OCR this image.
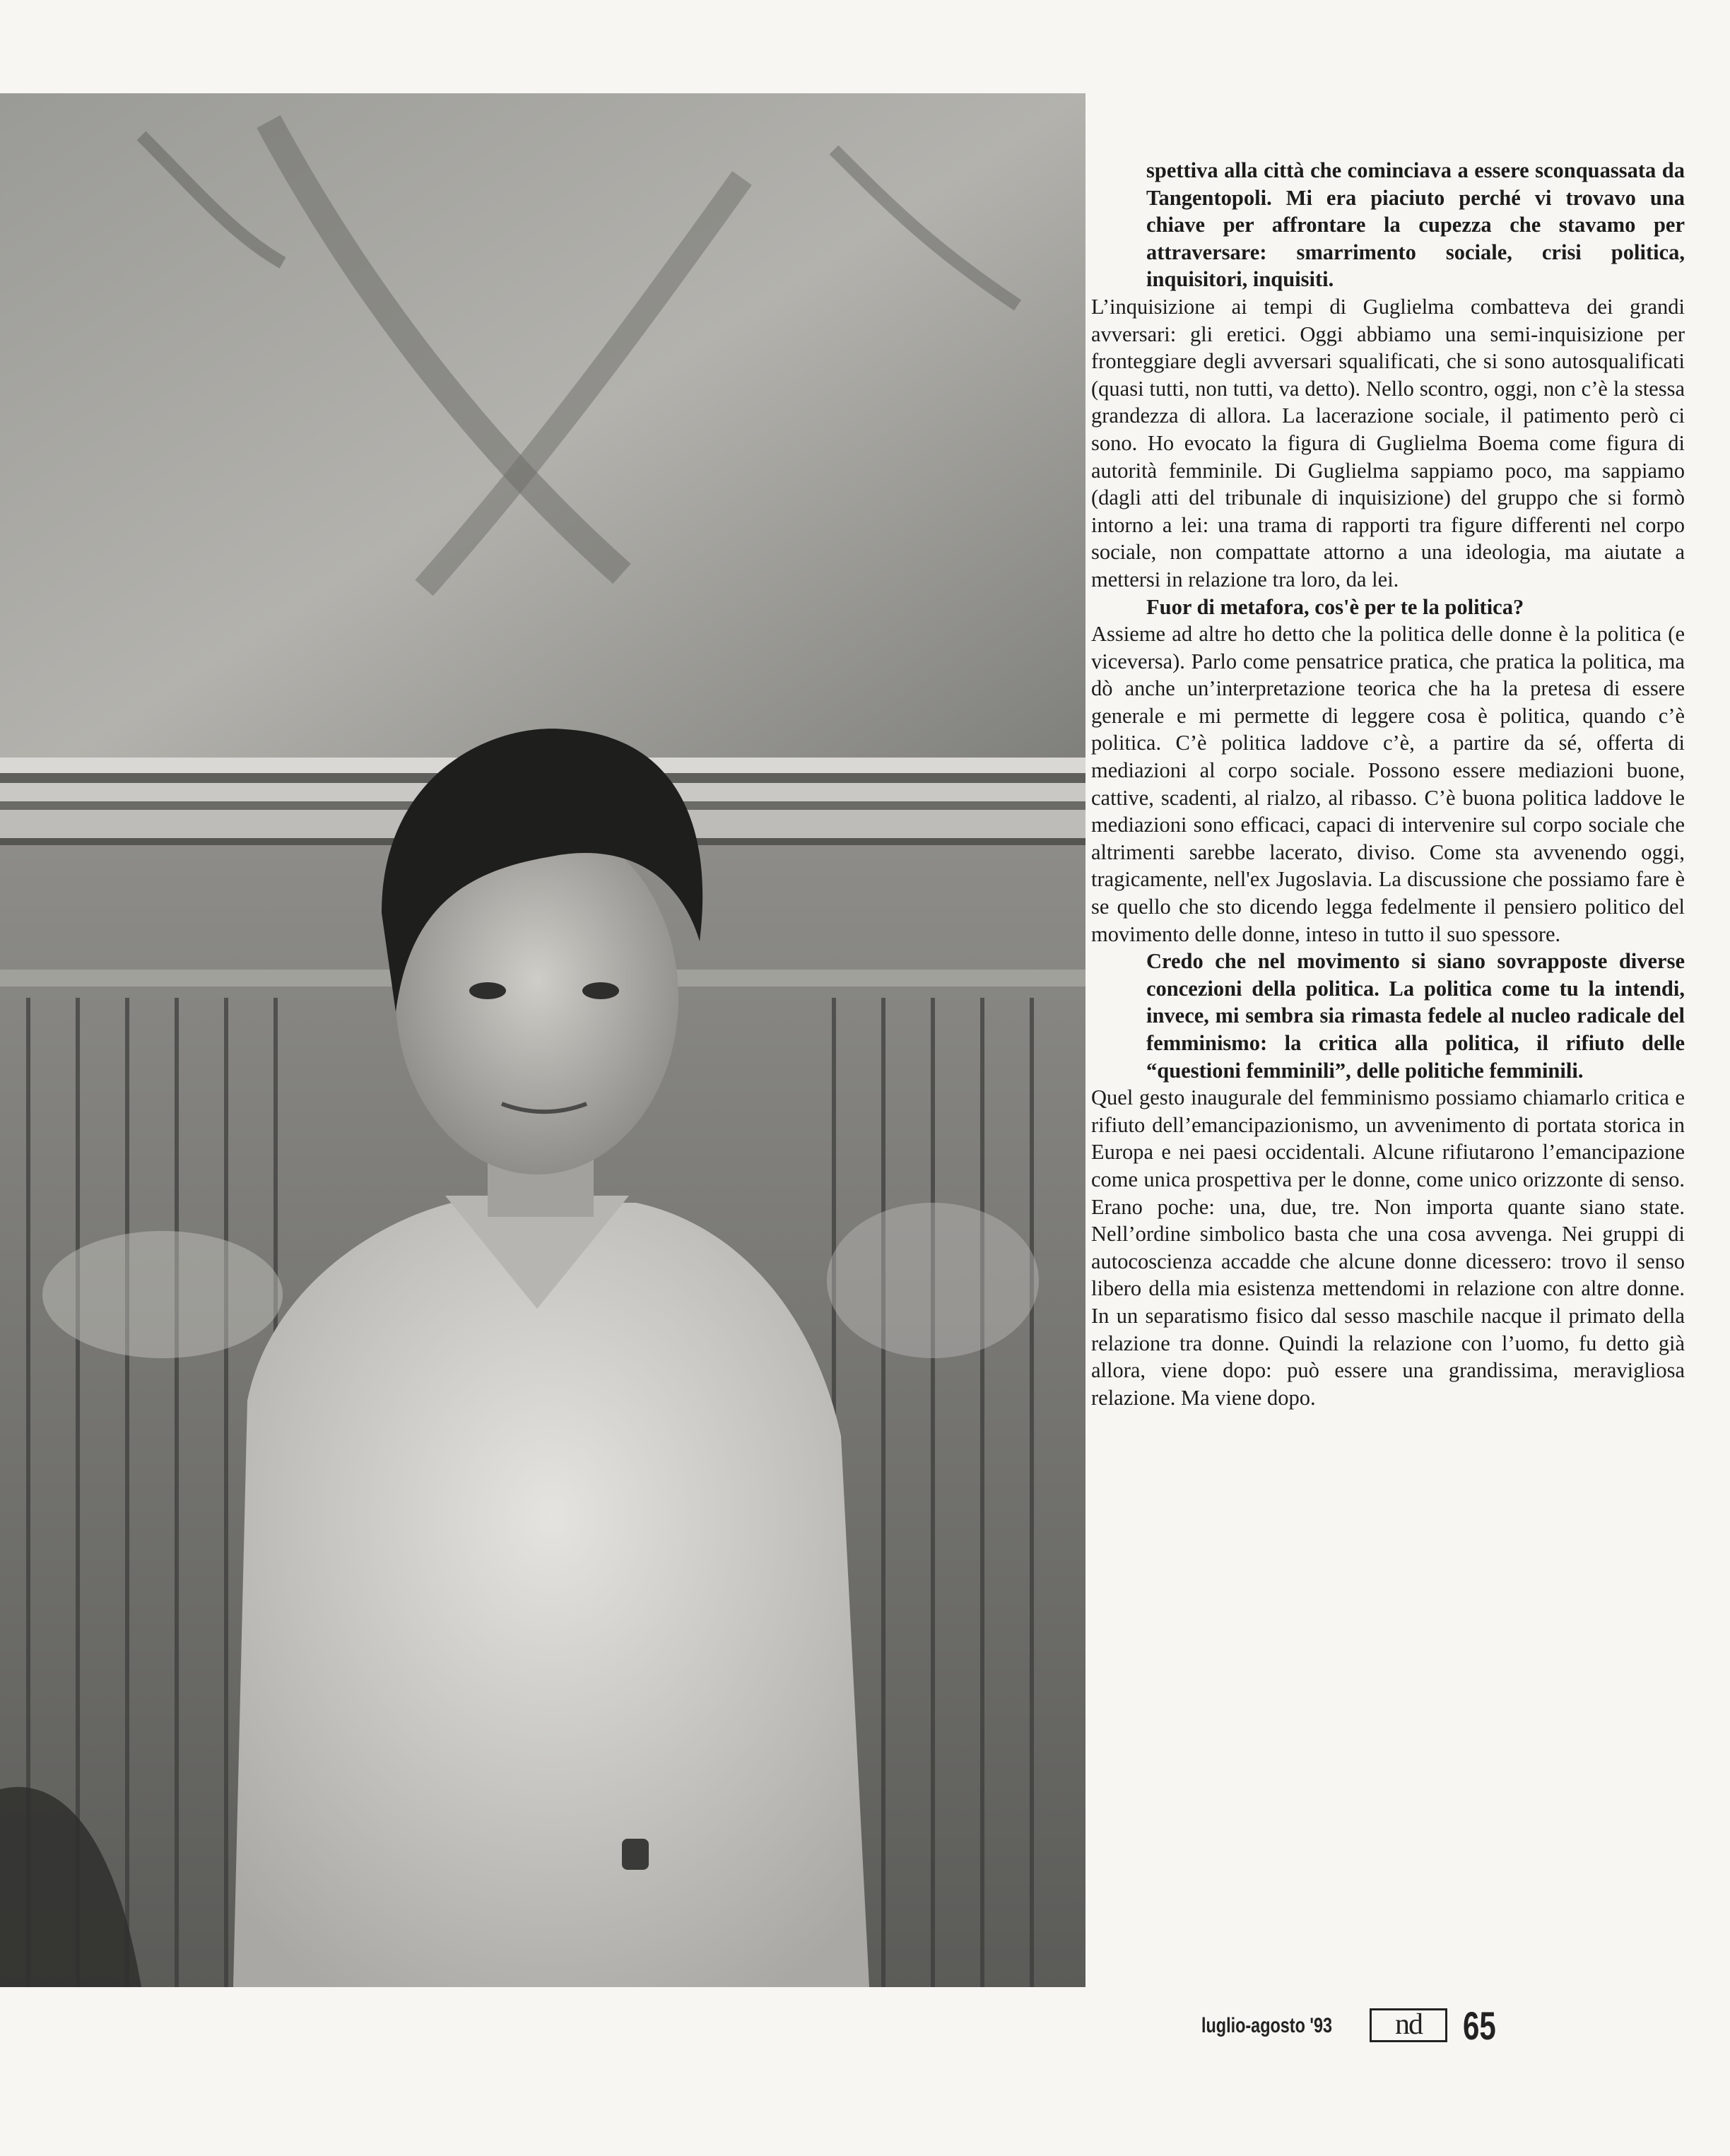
spettiva alla città che cominciava a essere sconquassata da Tangentopoli. Mi era piaciuto perché vi trovavo una chiave per affrontare la cupezza che stavamo per attraversare: smarrimento sociale, crisi politica, inquisitori, inquisiti.

L’inquisizione ai tempi di Guglielma combatteva dei grandi avversari: gli eretici. Oggi abbiamo una semi-inquisizione per fronteggiare degli avversari squalificati, che si sono autosqualificati (quasi tutti, non tutti, va detto). Nello scontro, oggi, non c’è la stessa grandezza di allora. La lacerazione sociale, il patimento però ci sono. Ho evocato la figura di Guglielma Boema come figura di autorità femminile. Di Guglielma sappiamo poco, ma sappiamo (dagli atti del tribunale di inquisizione) del gruppo che si formò intorno a lei: una trama di rapporti tra figure differenti nel corpo sociale, non compattate attorno a una ideologia, ma aiutate a mettersi in relazione tra loro, da lei.

Fuor di metafora, cos'è per te la politica?

Assieme ad altre ho detto che la politica delle donne è la politica (e viceversa). Parlo come pensatrice pratica, che pratica la politica, ma dò anche un’interpretazione teorica che ha la pretesa di essere generale e mi permette di leggere cosa è politica, quando c’è politica. C’è politica laddove c’è, a partire da sé, offerta di mediazioni al corpo sociale. Possono essere mediazioni buone, cattive, scadenti, al rialzo, al ribasso. C’è buona politica laddove le mediazioni sono efficaci, capaci di intervenire sul corpo sociale che altrimenti sarebbe lacerato, diviso. Come sta avvenendo oggi, tragicamente, nell'ex Jugoslavia. La discussione che possiamo fare è se quello che sto dicendo legga fedelmente il pensiero politico del movimento delle donne, inteso in tutto il suo spessore.

Credo che nel movimento si siano sovrapposte diverse concezioni della politica. La politica come tu la intendi, invece, mi sembra sia rimasta fedele al nucleo radicale del femminismo: la critica alla politica, il rifiuto delle “questioni femminili”, delle politiche femminili.

Quel gesto inaugurale del femminismo possiamo chiamarlo critica e rifiuto dell’emancipazionismo, un avvenimento di portata storica in Europa e nei paesi occidentali. Alcune rifiutarono l’emancipazione come unica prospettiva per le donne, come unico orizzonte di senso. Erano poche: una, due, tre. Non importa quante siano state. Nell’ordine simbolico basta che una cosa avvenga. Nei gruppi di autocoscienza accadde che alcune donne dicessero: trovo il senso libero della mia esistenza mettendomi in relazione con altre donne. In un separatismo fisico dal sesso maschile nacque il primato della relazione tra donne. Quindi la relazione con l’uomo, fu detto già allora, viene dopo: può essere una grandissima, meravigliosa relazione. Ma viene dopo.

luglio-agosto '93	nd	65
